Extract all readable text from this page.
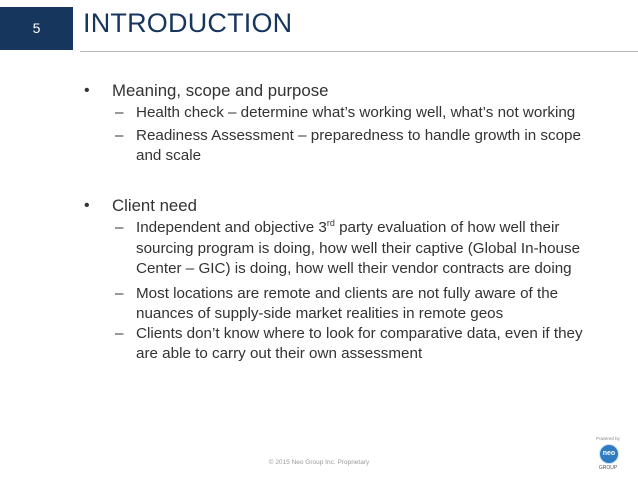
5	INTRODUCTION
• Meaning, scope and purpose
– Health check – determine what’s working well, what’s not working
– Readiness Assessment – preparedness to handle growth in scope
and scale
• Client need
– Independent and objective 3rd party evaluation of how well their
sourcing program is doing, how well their captive (Global In-house
Center – GIC) is doing, how well their vendor contracts are doing
– Most locations are remote and clients are not fully aware of the
nuances of supply-side market realities in remote geos
– Clients don’t know where to look for comparative data, even if they
are able to carry out their own assessment
© 2015 Neo Group Inc. Proprietary
Powered by
neo
GROUP
